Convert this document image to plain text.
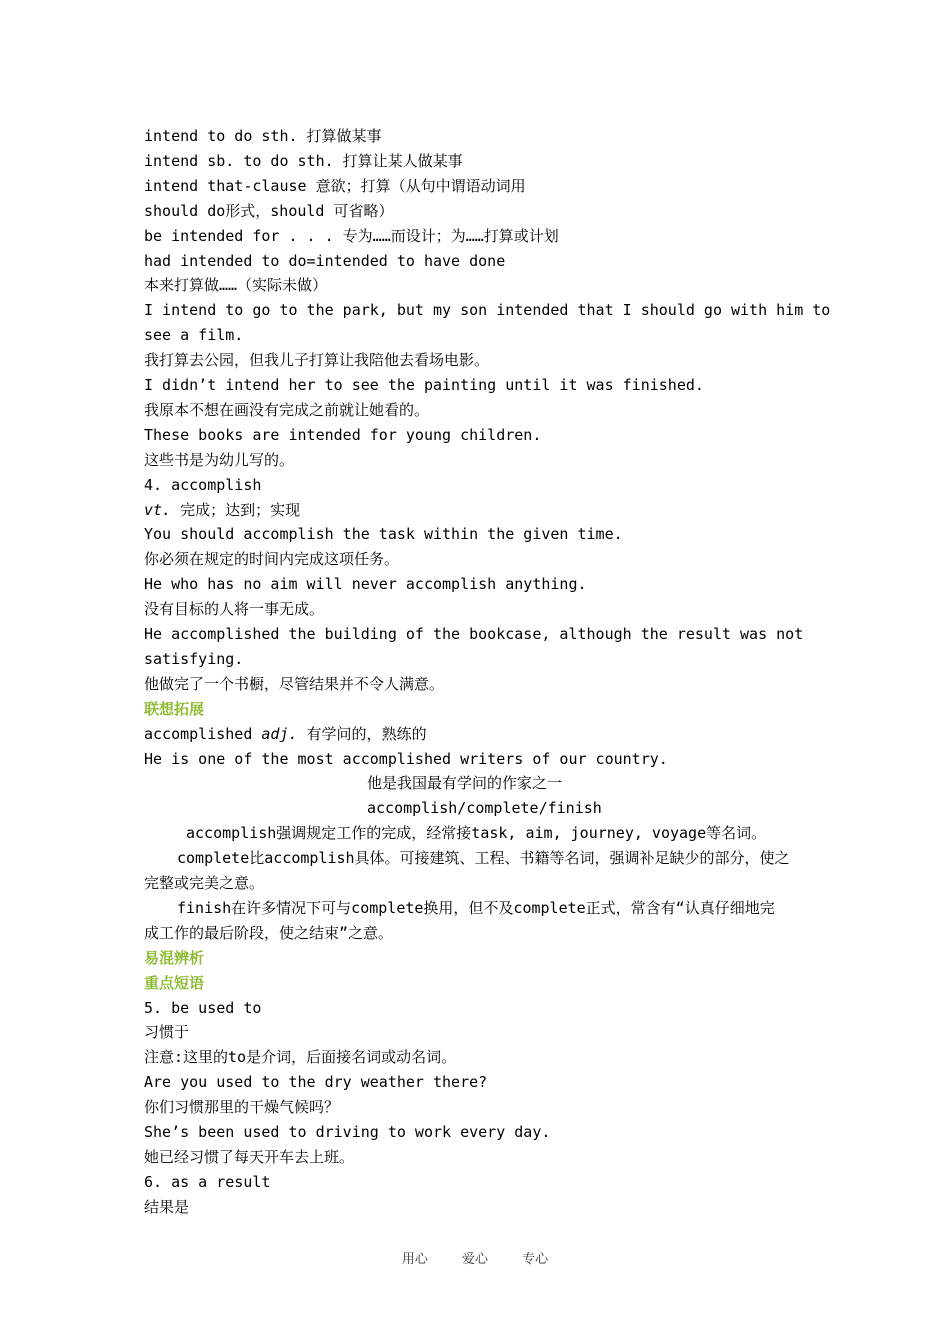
intend to do sth. 打算做某事
intend sb. to do sth. 打算让某人做某事
intend that-clause 意欲；打算（从句中谓语动词用
should do形式，should 可省略）
be intended for . . . 专为……而设计；为……打算或计划
had intended to do=intended to have done
本来打算做……（实际未做）
I intend to go to the park, but my son intended that I should go with him to
see a film.
我打算去公园，但我儿子打算让我陪他去看场电影。
I didn’t intend her to see the painting until it was finished.
我原本不想在画没有完成之前就让她看的。
These books are intended for young children.
这些书是为幼儿写的。
4. accomplish
vt. 完成；达到；实现
You should accomplish the task within the given time.
你必须在规定的时间内完成这项任务。
He who has no aim will never accomplish anything.
没有目标的人将一事无成。
He accomplished the building of the bookcase, although the result was not
satisfying.
他做完了一个书橱，尽管结果并不令人满意。
联想拓展
accomplished adj. 有学问的，熟练的
He is one of the most accomplished writers of our country.
他是我国最有学问的作家之一
accomplish/complete/finish
accomplish强调规定工作的完成，经常接task, aim, journey, voyage等名词。
complete比accomplish具体。可接建筑、工程、书籍等名词，强调补足缺少的部分，使之
完整或完美之意。
finish在许多情况下可与complete换用，但不及complete正式，常含有“认真仔细地完
成工作的最后阶段，使之结束”之意。
易混辨析
重点短语
5. be used to
习惯于
注意:这里的to是介词，后面接名词或动名词。
Are you used to the dry weather there?
你们习惯那里的干燥气候吗？
She’s been used to driving to work every day.
她已经习惯了每天开车去上班。
6. as a result
结果是
用心	爱心	专心
